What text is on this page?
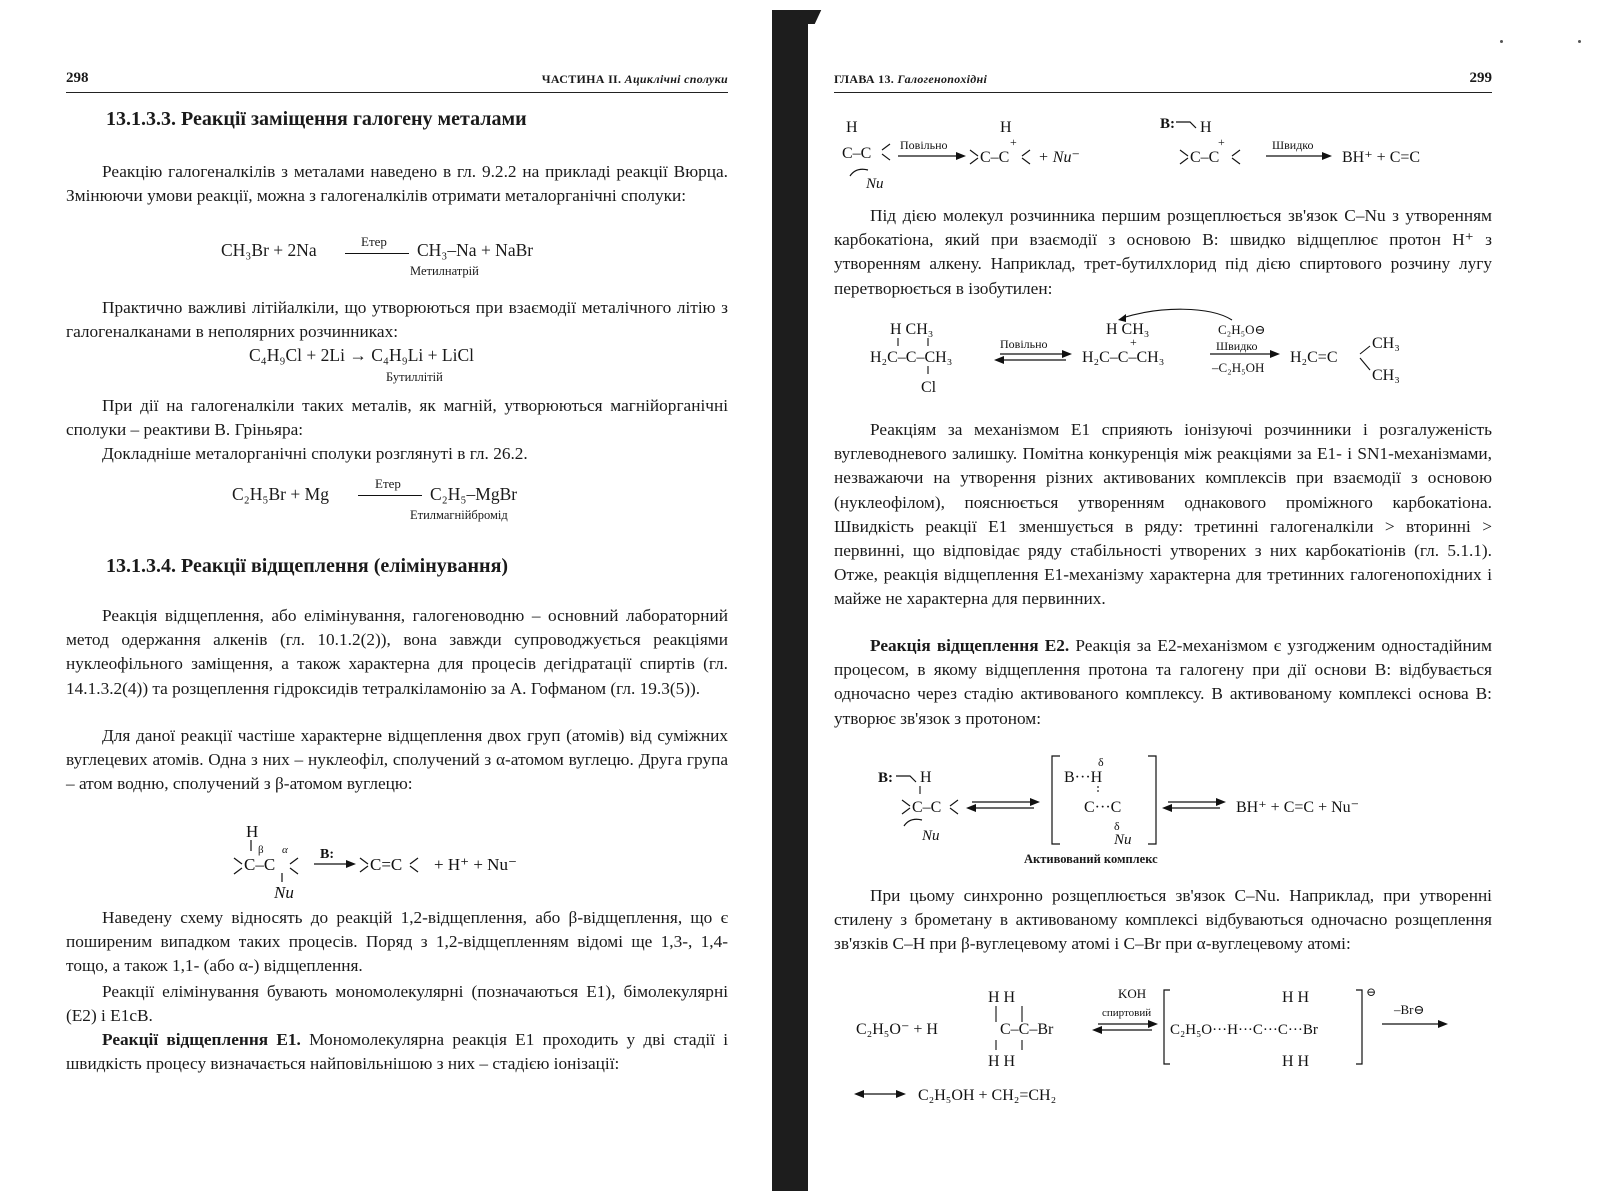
298	ЧАСТИНА II. Ациклічні сполуки
13.1.3.3. Реакції заміщення галогену металами

Реакцію галогеналкілів з металами наведено в гл. 9.2.2 на прикладі реакції Вюрца. Змінюючи умови реакції, можна з галогеналкілів отримати металорганічні сполуки:

CH₃Br + 2Na	Етер CH₃–Na + NaBr
Метилнатрій

Практично важливі літійалкіли, що утворюються при взаємодії металічного літію з галогеналканами в неполярних розчинниках:

C₄H₉Cl + 2Li → C₄H₉Li + LiCl
Бутиллітій

При дії на галогеналкіли таких металів, як магній, утворюються магнійорганічні сполуки – реактиви В. Гріньяра:

Докладніше металорганічні сполуки розглянуті в гл. 26.2.

C₂H₅Br + Mg
Етер
C₂H₅–MgBr
Етилмагнійбромід
13.1.3.4. Реакції відщеплення (елімінування)

Реакція відщеплення, або елімінування, галогеноводню – основний лабораторний метод одержання алкенів (гл. 10.1.2(2)), вона завжди супроводжується реакціями нуклеофільного заміщення, а також характерна для процесів дегідратації спиртів (гл. 14.1.3.2(4)) та розщеплення гідроксидів тетралкіламонію за А. Гофманом (гл. 19.3(5)).

Для даної реакції частіше характерне відщеплення двох груп (атомів) від суміжних вуглецевих атомів. Одна з них – нуклеофіл, сполучений з α-атомом вуглецю. Друга група – атом водню, сполучений з β-атомом вуглецю:

H
β α
C–C
Nu
B:
C=C + H⁺ + Nu⁻

Наведену схему відносять до реакцій 1,2-відщеплення, або β-відщеплення, що є поширеним випадком таких процесів. Поряд з 1,2-відщепленням відомі ще 1,3-, 1,4- тощо, а також 1,1- (або α-) відщеплення.

Реакції елімінування бувають мономолекулярні (позначаються E1), бімолекулярні (E2) і E1cB.

Реакції відщеплення E1. Мономолекулярна реакція E1 проходить у дві стадії і швидкість процесу визначається найповільнішою з них – стадією іонізації:

ГЛАВА 13. Галогенопохідні	299
H
C–C
Nu
Повільно
H
C–C
+
+ Nu⁻
B: H
C–C
+	Швидко
BH⁺ + C=C

Під дією молекул розчинника першим розщеплюється зв'язок C–Nu з утворенням карбокатіона, який при взаємодії з основою B: швидко відщеплює протон H⁺ з утворенням алкену. Наприклад, трет-бутилхлорид під дією спиртового розчину лугу перетворюється в ізобутилен:

H CH₃
H₂C–C–CH₃
Cl
Повільно
H CH₃
+
H₂C–C–CH₃
C₂H₅O⊖
Швидко
–C₂H₅OH
H₂C=C
CH₃
CH₃

Реакціям за механізмом E1 сприяють іонізуючі розчинники і розгалуженість вуглеводневого залишку. Помітна конкуренція між реакціями за E1- і SN1-механізмами, незважаючи на утворення різних активованих комплексів при взаємодії з основою (нуклеофілом), пояснюється утворенням однакового проміжного карбокатіона. Швидкість реакції E1 зменшується в ряду: третинні галогеналкіли > вторинні > первинні, що відповідає ряду стабільності утворених з них карбокатіонів (гл. 5.1.1). Отже, реакція відщеплення E1-механізму характерна для третинних галогенопохідних і майже не характерна для первинних.

Реакція відщеплення E2. Реакція за E2-механізмом є узгодженим одностадійним процесом, в якому відщеплення протона та галогену при дії основи B: відбувається одночасно через стадію активованого комплексу. В активованому комплексі основа B: утворює зв'язок з протоном:

B: H
C–C
Nu
δ
B···H
C···C
δ
Nu
BH⁺ + C=C + Nu⁻
Активований комплекс

При цьому синхронно розщеплюється зв'язок C–Nu. Наприклад, при утворенні стилену з брометану в активованому комплексі відбуваються одночасно розщеплення зв'язків C–H при β-вуглецевому атомі і C–Br при α-вуглецевому атомі:

H H
C₂H₅O⁻ + H	C–C–Br
H H
KOH
спиртовий
H H
C₂H₅O···H···C···C···Br
H H
⊖
–Br⊖
C₂H₅OH + CH₂=CH₂
